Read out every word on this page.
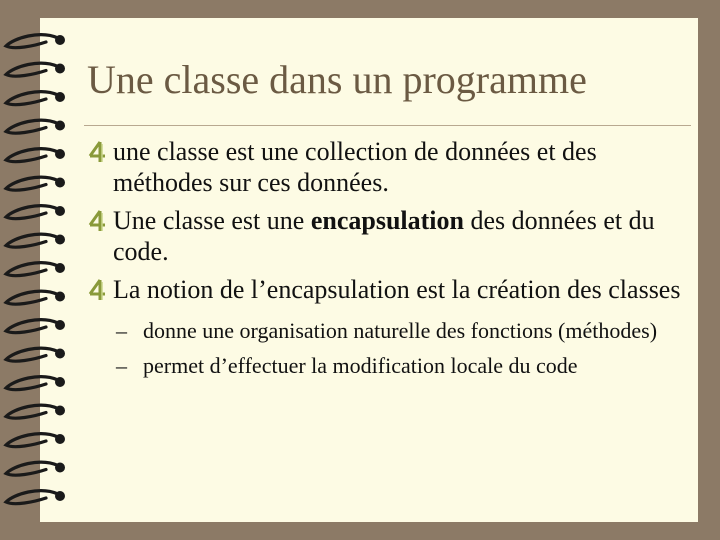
Une classe dans un programme
une classe est une collection de données et des méthodes sur ces données.
Une classe est une encapsulation des données et du code.
La notion de l’encapsulation est la création des classes
– donne une organisation naturelle des fonctions (méthodes)
– permet d’effectuer la modification locale du code
